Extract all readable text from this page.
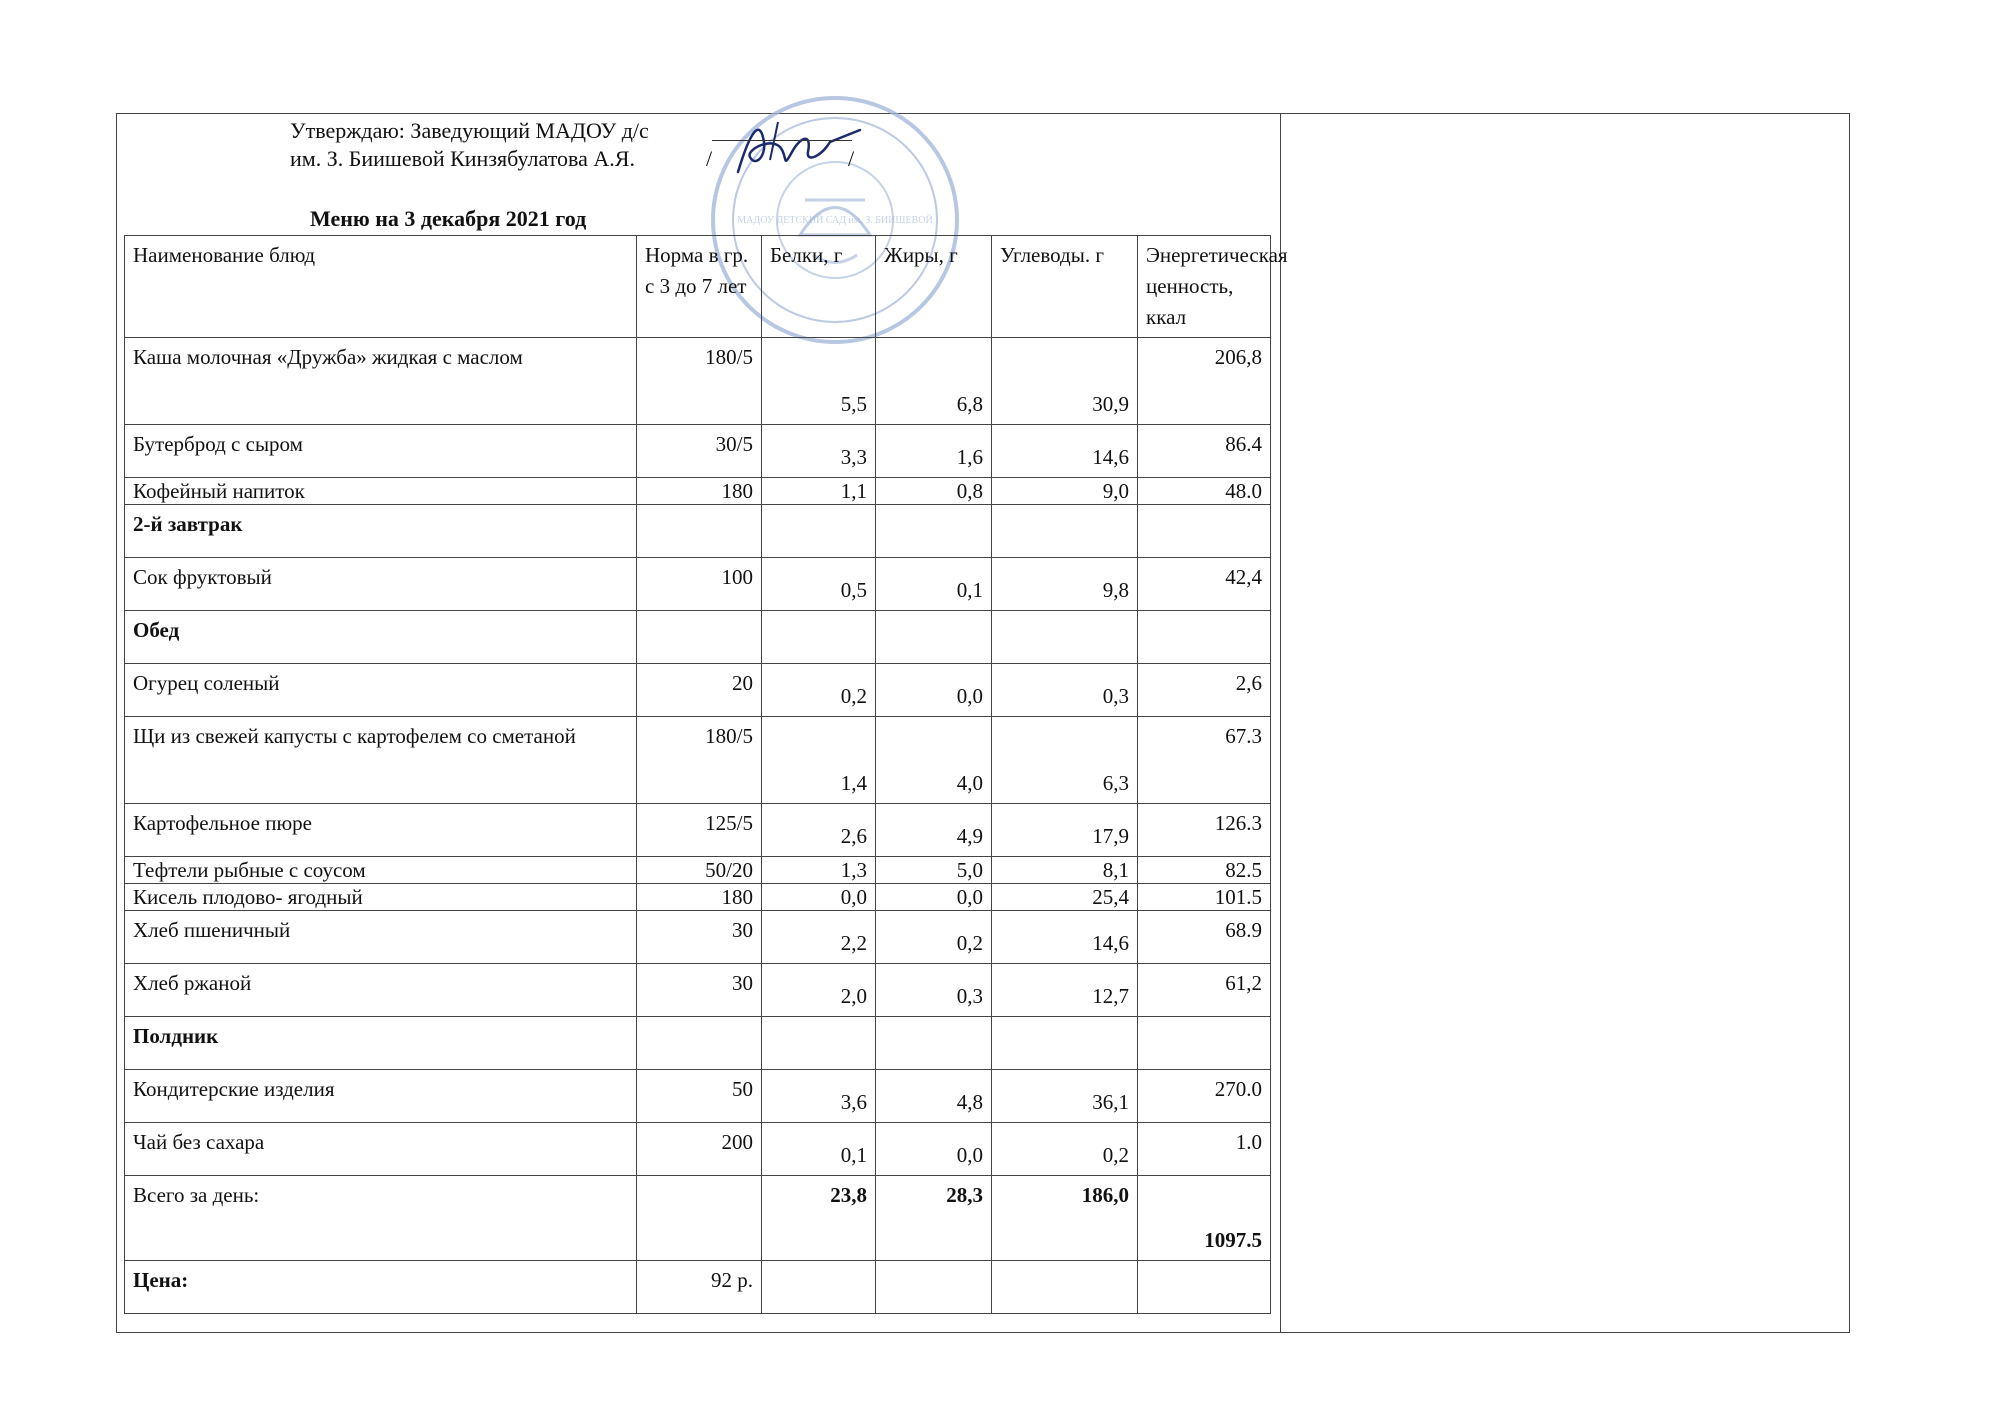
МАДОУ ДЕТСКИЙ САД им. З. БИИШЕВОЙ
Утверждаю: Заведующий МАДОУ д/с
им. З. Биишевой Кинзябулатова А.Я.	/	/
Меню на 3 декабря 2021 год
Наименование блюд	Норма в гр. с 3 до 7 лет	Белки, г	Жиры, г	Углеводы. г	Энергетическая ценность, ккал
Каша молочная «Дружба» жидкая с маслом	180/5	5,5	6,8	30,9	206,8
Бутерброд с сыром	30/5	3,3	1,6	14,6	86.4
Кофейный напиток	180	1,1	0,8	9,0	48.0
2-й завтрак					
Сок фруктовый	100	0,5	0,1	9,8	42,4
Обед					
Огурец соленый	20	0,2	0,0	0,3	2,6
Щи из свежей капусты с картофелем со сметаной	180/5	1,4	4,0	6,3	67.3
Картофельное пюре	125/5	2,6	4,9	17,9	126.3
Тефтели рыбные с соусом	50/20	1,3	5,0	8,1	82.5
Кисель плодово- ягодный	180	0,0	0,0	25,4	101.5
Хлеб пшеничный	30	2,2	0,2	14,6	68.9
Хлеб ржаной	30	2,0	0,3	12,7	61,2
Полдник					
Кондитерские изделия	50	3,6	4,8	36,1	270.0
Чай без сахара	200	0,1	0,0	0,2	1.0
Всего за день:		23,8	28,3	186,0	1097.5
Цена:	92 р.				
